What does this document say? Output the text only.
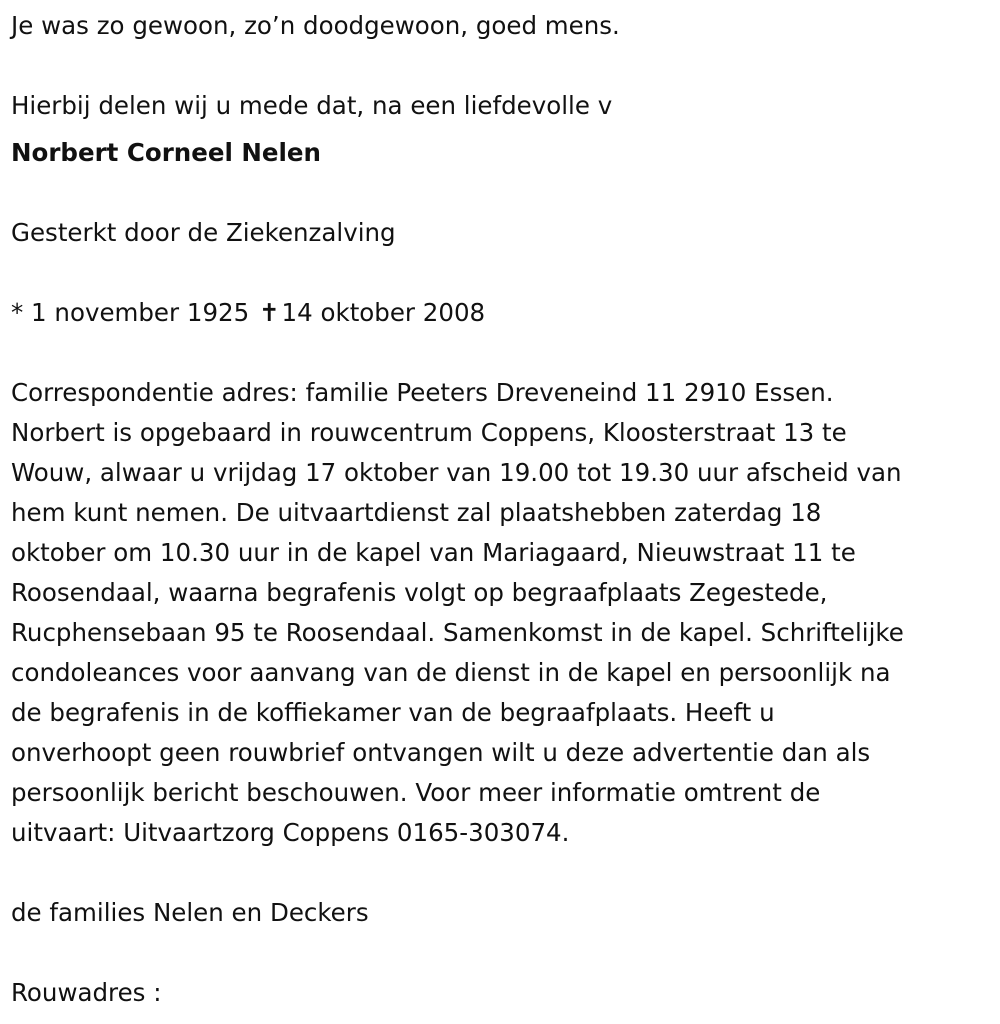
Je was zo gewoon, zo’n doodgewoon, goed mens.
Hierbij delen wij u mede dat, na een liefdevolle v
Norbert Corneel Nelen
Gesterkt door de Ziekenzalving
* 1 november 1925 ✝14 oktober 2008
Correspondentie adres: familie Peeters Dreveneind 11 2910 Essen.
Norbert is opgebaard in rouwcentrum Coppens, Kloosterstraat 13 te
Wouw, alwaar u vrijdag 17 oktober van 19.00 tot 19.30 uur afscheid van
hem kunt nemen. De uitvaartdienst zal plaatshebben zaterdag 18
oktober om 10.30 uur in de kapel van Mariagaard, Nieuwstraat 11 te
Roosendaal, waarna begrafenis volgt op begraafplaats Zegestede,
Rucphensebaan 95 te Roosendaal. Samenkomst in de kapel. Schriftelijke
condoleances voor aanvang van de dienst in de kapel en persoonlijk na
de begrafenis in de koffiekamer van de begraafplaats. Heeft u
onverhoopt geen rouwbrief ontvangen wilt u deze advertentie dan als
persoonlijk bericht beschouwen. Voor meer informatie omtrent de
uitvaart: Uitvaartzorg Coppens 0165-303074.
de families Nelen en Deckers
Rouwadres :
